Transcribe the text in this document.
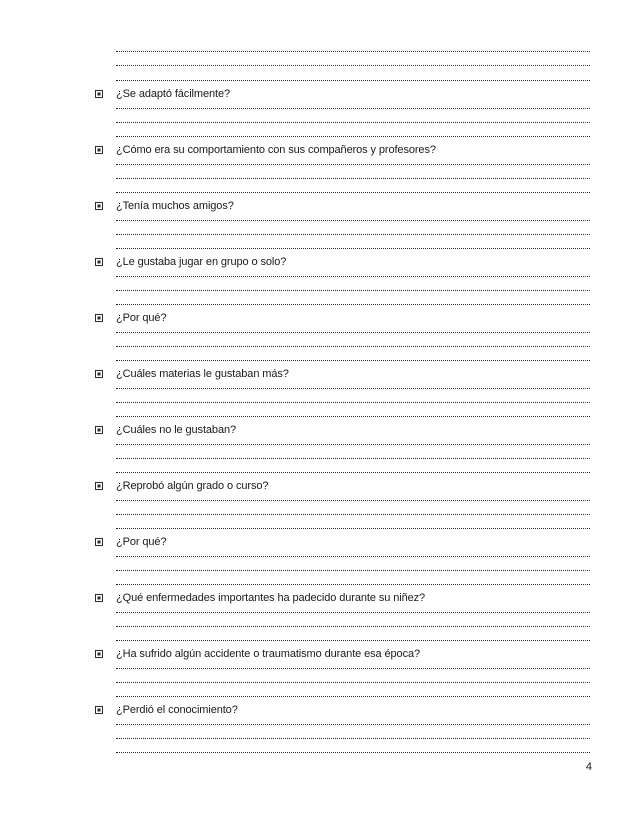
¿Se adaptó fácilmente?
¿Cómo era su comportamiento con sus compañeros y profesores?
¿Tenía muchos amigos?
¿Le gustaba jugar en grupo o solo?
¿Por qué?
¿Cuáles materias le gustaban más?
¿Cuáles no le gustaban?
¿Reprobó algún grado o curso?
¿Por qué?
¿Qué enfermedades importantes ha padecido durante su niñez?
¿Ha sufrido algún accidente o traumatismo durante esa época?
¿Perdió el conocimiento?
4
